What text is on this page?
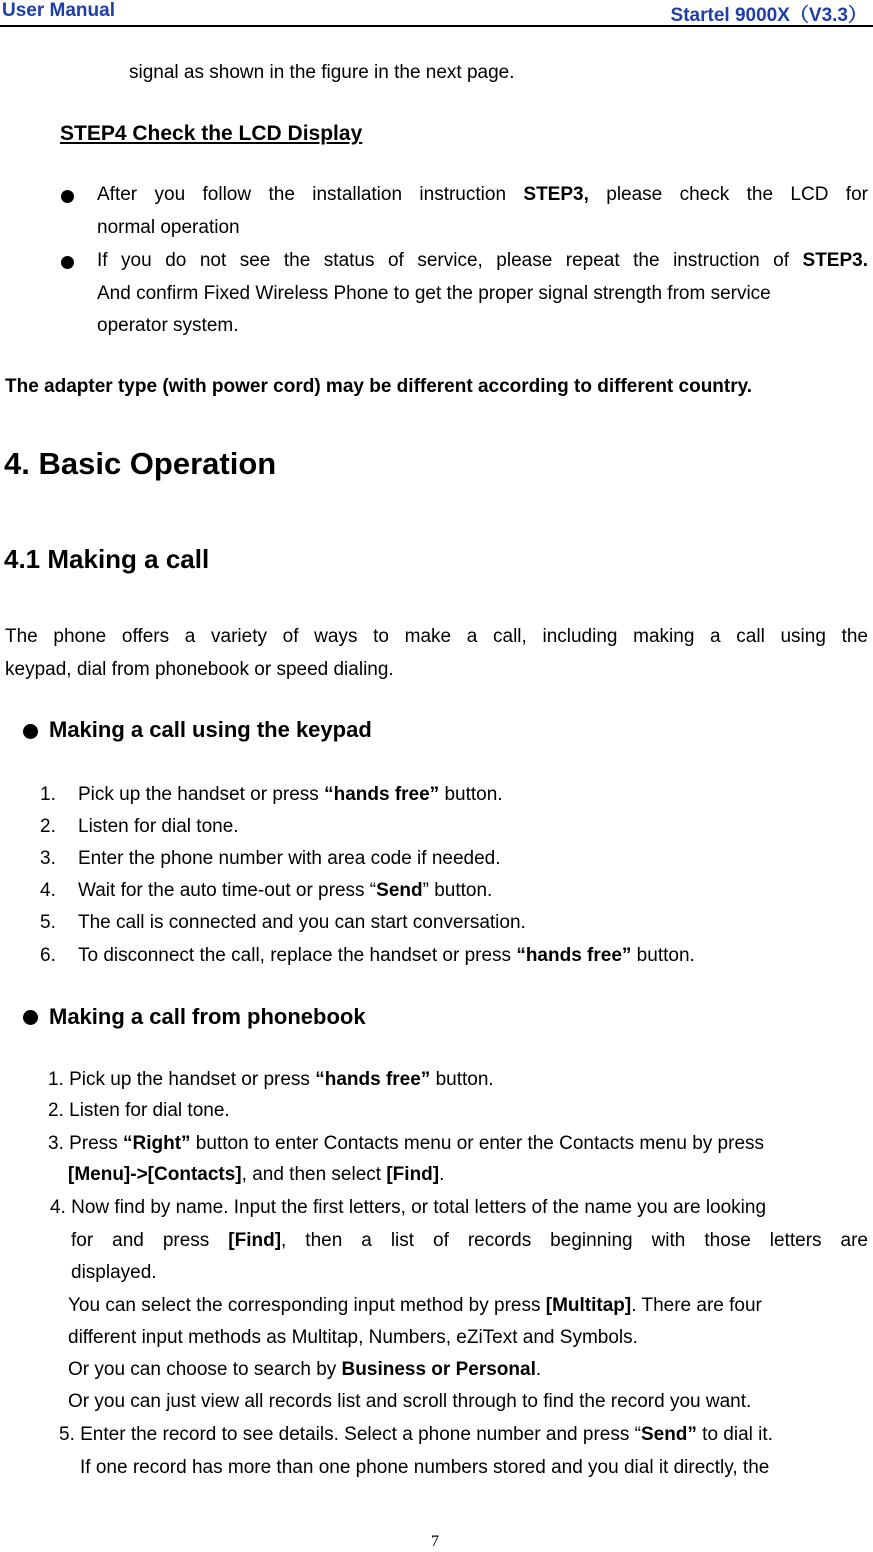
User Manual	Startel 9000X（V3.3）
signal as shown in the figure in the next page.
STEP4 Check the LCD Display
After you follow the installation instruction STEP3, please check the LCD for
normal operation
If you do not see the status of service, please repeat the instruction of STEP3.
And confirm Fixed Wireless Phone to get the proper signal strength from service
operator system.
The adapter type (with power cord) may be different according to different country.
4. Basic Operation
4.1 Making a call
The phone offers a variety of ways to make a call, including making a call using the
keypad, dial from phonebook or speed dialing.
Making a call using the keypad
1. Pick up the handset or press “hands free” button.
2. Listen for dial tone.
3. Enter the phone number with area code if needed.
4. Wait for the auto time-out or press “Send” button.
5. The call is connected and you can start conversation.
6. To disconnect the call, replace the handset or press “hands free” button.
Making a call from phonebook
1. Pick up the handset or press “hands free” button.
2. Listen for dial tone.
3. Press “Right” button to enter Contacts menu or enter the Contacts menu by press
[Menu]->[Contacts], and then select [Find].
4. Now find by name. Input the first letters, or total letters of the name you are looking
for and press [Find], then a list of records beginning with those letters are
displayed.
You can select the corresponding input method by press [Multitap]. There are four
different input methods as Multitap, Numbers, eZiText and Symbols.
Or you can choose to search by Business or Personal.
Or you can just view all records list and scroll through to find the record you want.
5. Enter the record to see details. Select a phone number and press “Send” to dial it.
If one record has more than one phone numbers stored and you dial it directly, the
7
